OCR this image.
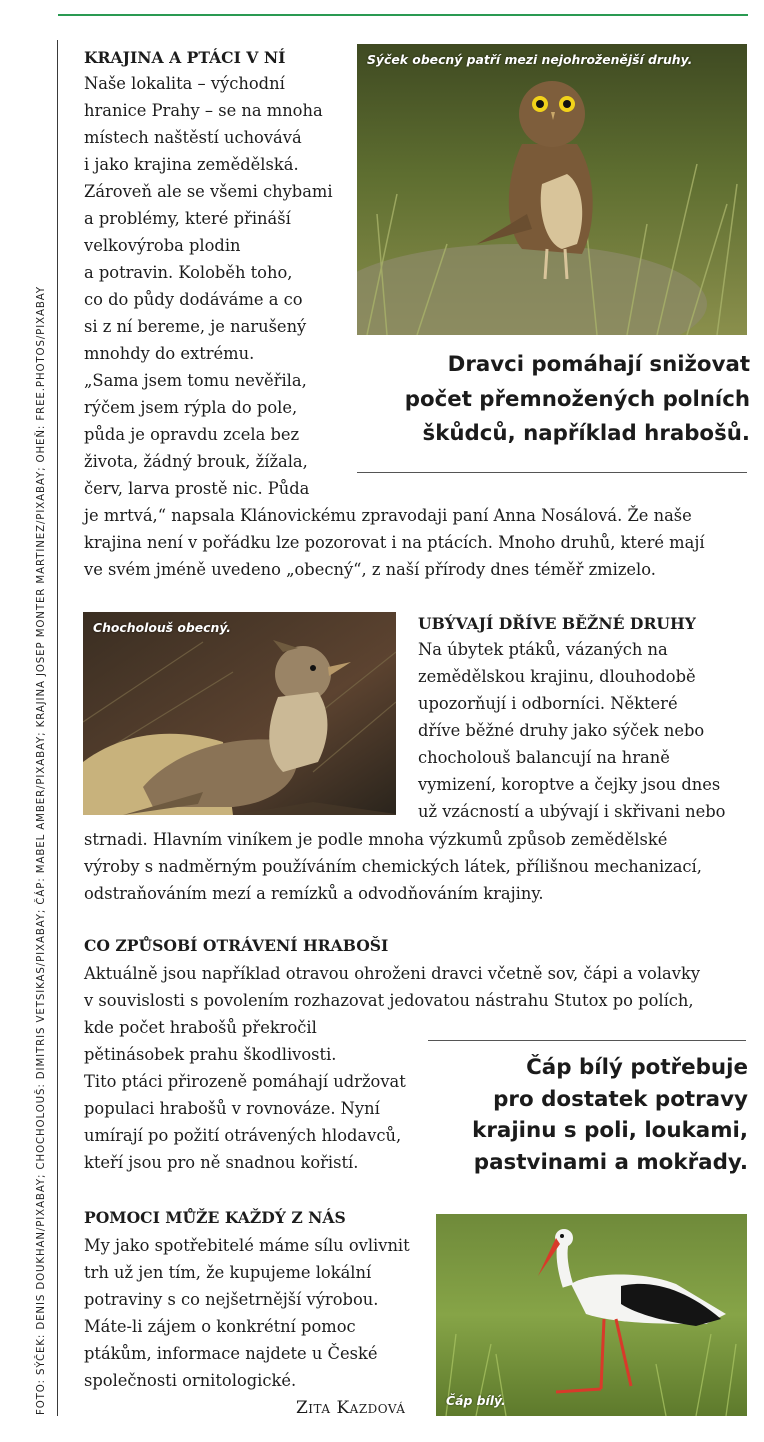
FOTO: SÝČEK: DENIS DOUKHAN/PIXABAY; CHOCHOLOUŠ: DIMITRIS VETSIKAS/PIXABAY; ČÁP: MABEL AMBER/PIXABAY; KRAJINA JOSEP MONTER MARTINEZ/PIXABAY; OHEŇ: FREE.PHOTOS/PIXABAY
KRAJINA A PTÁCI V NÍ

Naše lokalita – východní
hranice Prahy – se na mnoha
místech naštěstí uchovává
i jako krajina zemědělská.
Zároveň ale se všemi chybami
a problémy, které přináší
velkovýroba plodin
a potravin. Koloběh toho,
co do půdy dodáváme a co
si z ní bereme, je narušený
mnohdy do extrému.
„Sama jsem tomu nevěřila,
rýčem jsem rýpla do pole,
půda je opravdu zcela bez
života, žádný brouk, žížala,
červ, larva prostě nic. Půda

je mrtvá,“ napsala Klánovickému zpravodaji paní Anna Nosálová. Že naše
krajina není v pořádku lze pozorovat i na ptácích. Mnoho druhů, které mají
ve svém jméně uvedeno „obecný“, z naší přírody dnes téměř zmizelo.

Sýček obecný patří mezi nejohroženější druhy.

Dravci pomáhají snižovat
počet přemnožených polních
škůdců, například hrabošů.

Chocholouš obecný.	UBÝVAJÍ DŘÍVE BĚŽNÉ DRUHY

Na úbytek ptáků, vázaných na
zemědělskou krajinu, dlouhodobě
upozorňují i odborníci. Některé
dříve běžné druhy jako sýček nebo
chocholouš balancují na hraně
vymizení, koroptve a čejky jsou dnes
už vzácností a ubývají i skřivani nebo

strnadi. Hlavním viníkem je podle mnoha výzkumů způsob zemědělské
výroby s nadměrným používáním chemických látek, přílišnou mechanizací,
odstraňováním mezí a remízků a odvodňováním krajiny.

CO ZPŮSOBÍ OTRÁVENÍ HRABOŠI

Aktuálně jsou například otravou ohroženi dravci včetně sov, čápi a volavky
v souvislosti s povolením rozhazovat jedovatou nástrahu Stutox po polích,

kde počet hrabošů překročil
pětinásobek prahu škodlivosti.
Tito ptáci přirozeně pomáhají udržovat
populaci hrabošů v rovnováze. Nyní
umírají po požití otrávených hlodavců,
kteří jsou pro ně snadnou kořistí.

Čáp bílý potřebuje
pro dostatek potravy
krajinu s poli, loukami,
pastvinami a mokřady.

POMOCI MŮŽE KAŽDÝ Z NÁS

My jako spotřebitelé máme sílu ovlivnit
trh už jen tím, že kupujeme lokální
potraviny s co nejšetrnější výrobou.
Máte-li zájem o konkrétní pomoc
ptákům, informace najdete u České
společnosti ornitologické.

Zita Kazdová	Čáp bílý.
